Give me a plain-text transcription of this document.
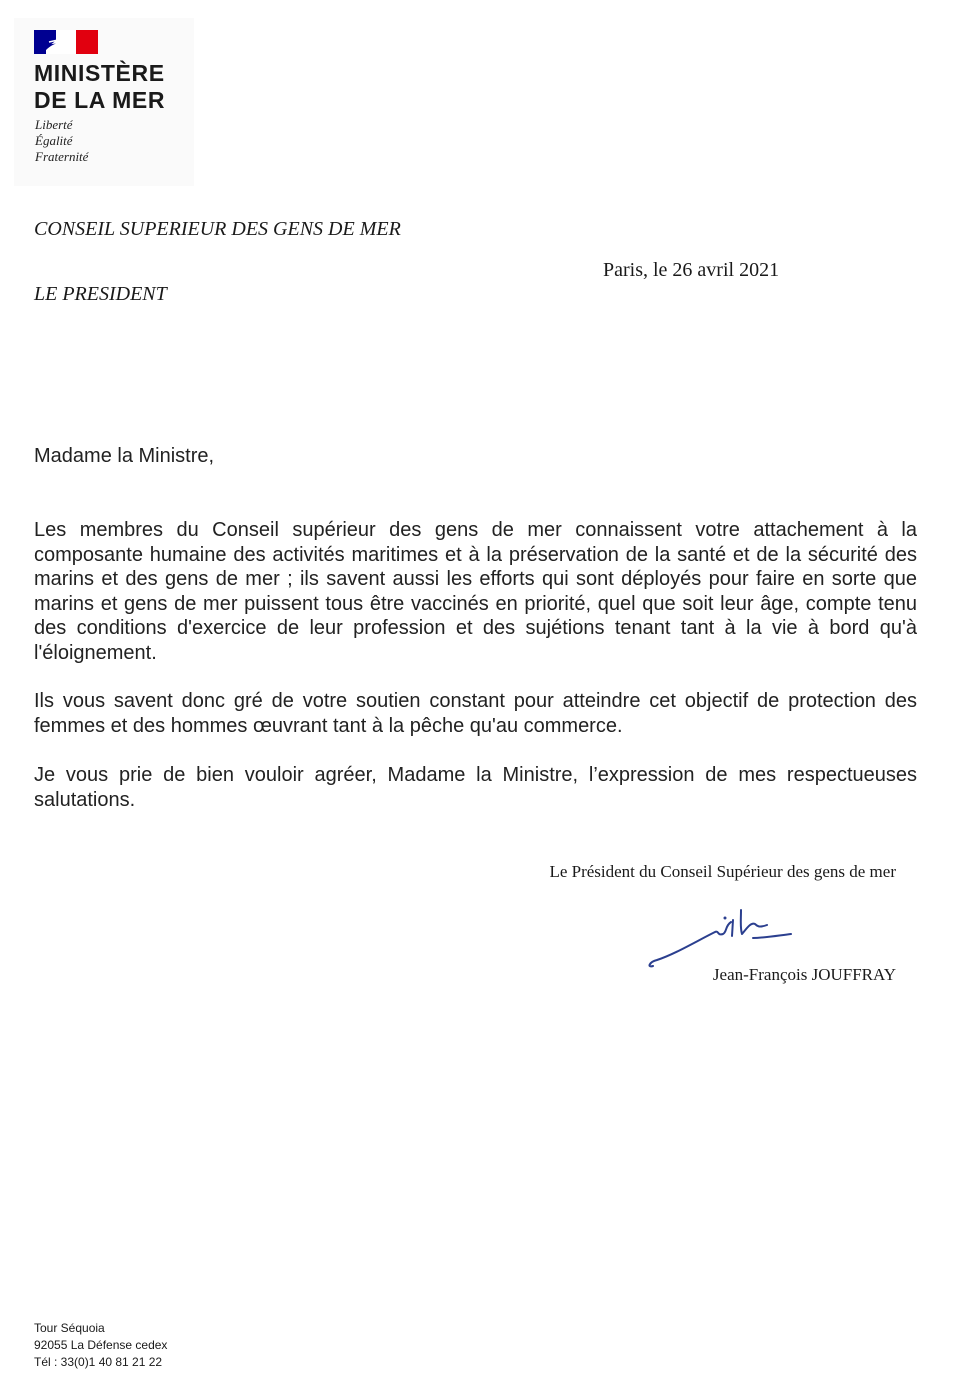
MINISTÈRE
DE LA MER
Liberté
Égalité
Fraternité
CONSEIL SUPERIEUR DES GENS DE MER
Paris, le 26 avril 2021
LE PRESIDENT
Madame la Ministre,

Les membres du Conseil supérieur des gens de mer connaissent votre attachement à la composante humaine des activités maritimes et à la préservation de la santé et de la sécurité des marins et des gens de mer ; ils savent aussi les efforts qui sont déployés pour faire en sorte que marins et gens de mer puissent tous être vaccinés en priorité, quel que soit leur âge, compte tenu des conditions d'exercice de leur profession et des sujétions tenant tant à la vie à bord qu'à l'éloignement.

Ils vous savent donc gré de votre soutien constant pour atteindre cet objectif de protection des femmes et des hommes œuvrant tant à la pêche qu'au commerce.

Je vous prie de bien vouloir agréer, Madame la Ministre, l’expression de mes respectueuses salutations.

Le Président du Conseil Supérieur des gens de mer
Jean-François JOUFFRAY
Tour Séquoia
92055 La Défense cedex
Tél : 33(0)1 40 81 21 22
